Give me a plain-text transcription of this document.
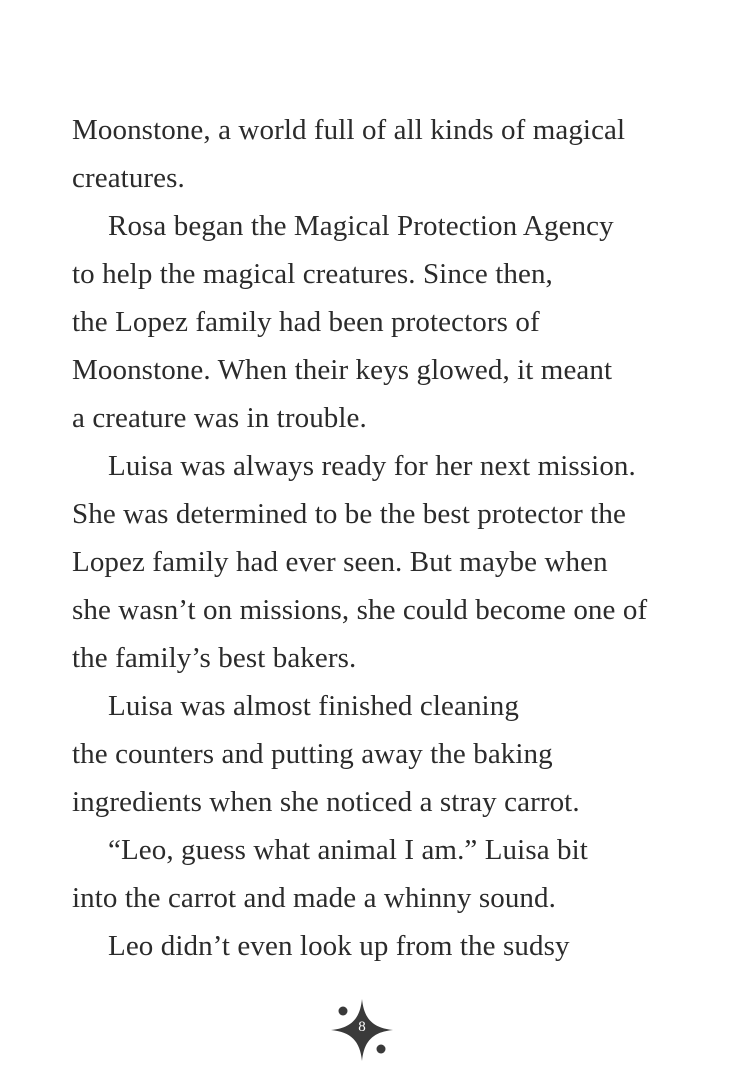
Moonstone, a world full of all kinds of magical
creatures.
Rosa began the Magical Protection Agency
to help the magical creatures. Since then,
the Lopez family had been protectors of
Moonstone. When their keys glowed, it meant
a creature was in trouble.
Luisa was always ready for her next mission.
She was determined to be the best protector the
Lopez family had ever seen. But maybe when
she wasn’t on missions, she could become one of
the family’s best bakers.
Luisa was almost finished cleaning
the counters and putting away the baking
ingredients when she noticed a stray carrot.
“Leo, guess what animal I am.” Luisa bit
into the carrot and made a whinny sound.
Leo didn’t even look up from the sudsy
8
